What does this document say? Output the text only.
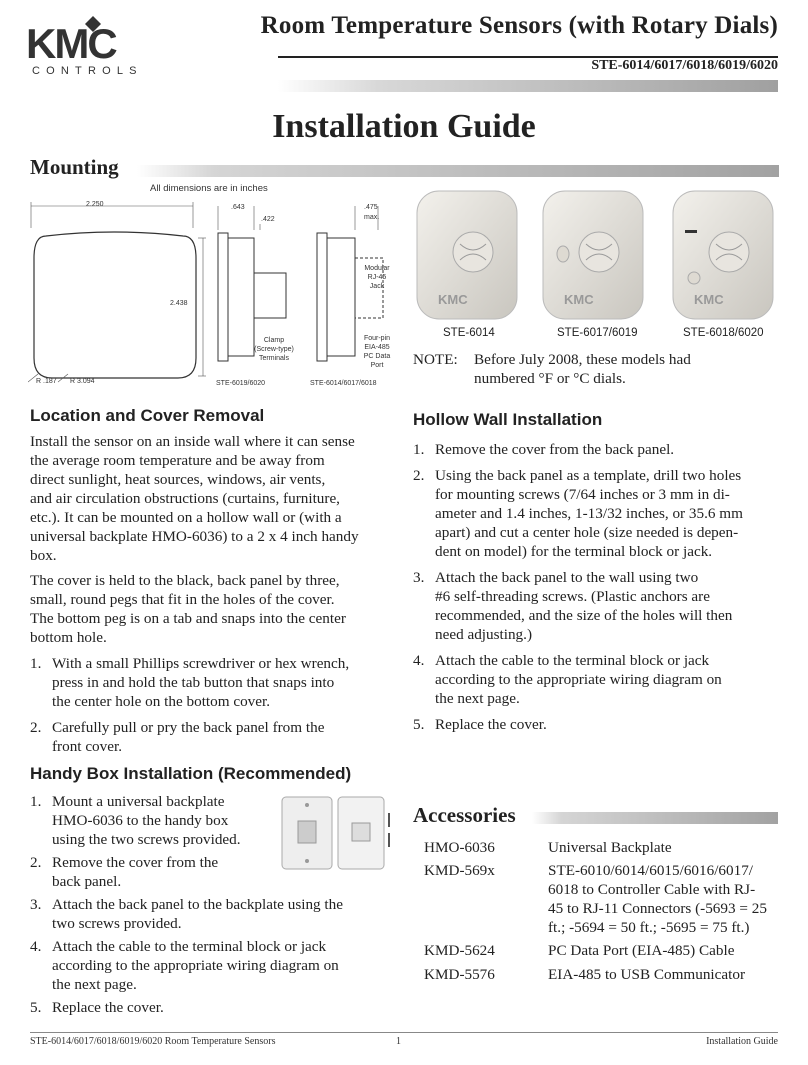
KMC
CONTROLS
Room Temperature Sensors (with Rotary Dials)
STE-6014/6017/6018/6019/6020
Installation Guide
Mounting
All dimensions are in inches
2.250
2.438
R .187 R 3.094
.643
.422
.475
max.
Clamp
(Screw-type)
Terminals
STE-6019/6020
Modular
RJ-45
Jack
Four-pin
EIA-485
PC Data
Port
STE-6014/6017/6018
KMC	KMC	KMC
STE-6014	STE-6017/6019	STE-6018/6020
NOTE: Before July 2008, these models had
numbered °F or °C dials.
Location and Cover Removal
Install the sensor on an inside wall where it can sense
the average room temperature and be away from
direct sunlight, heat sources, windows, air vents,
and air circulation obstructions (curtains, furniture,
etc.). It can be mounted on a hollow wall or (with a
universal backplate HMO-6036) to a 2 x 4 inch handy
box.
The cover is held to the black, back panel by three,
small, round pegs that fit in the holes of the cover.
The bottom peg is on a tab and snaps into the center
bottom hole.
1. With a small Phillips screwdriver or hex wrench,
press in and hold the tab button that snaps into
the center hole on the bottom cover.
2. Carefully pull or pry the back panel from the
front cover.
Handy Box Installation (Recommended)
1. Mount a universal backplate
HMO-6036 to the handy box
using the two screws provided.
2. Remove the cover from the
back panel.
3. Attach the back panel to the backplate using the
two screws provided.
4. Attach the cable to the terminal block or jack
according to the appropriate wiring diagram on
the next page.
5. Replace the cover.
Hollow Wall Installation
1. Remove the cover from the back panel.
2. Using the back panel as a template, drill two holes
for mounting screws (7/64 inches or 3 mm in di-
ameter and 1.4 inches, 1-13/32 inches, or 35.6 mm
apart) and cut a center hole (size needed is depen-
dent on model) for the terminal block or jack.
3. Attach the back panel to the wall using two
#6 self-threading screws. (Plastic anchors are
recommended, and the size of the holes will then
need adjusting.)
4. Attach the cable to the terminal block or jack
according to the appropriate wiring diagram on
the next page.
5. Replace the cover.
Accessories
HMO-6036	Universal Backplate
KMD-569x	STE-6010/6014/6015/6016/6017/
6018 to Controller Cable with RJ-
45 to RJ-11 Connectors (-5693 = 25
ft.; -5694 = 50 ft.; -5695 = 75 ft.)
KMD-5624	PC Data Port (EIA-485) Cable
KMD-5576	EIA-485 to USB Communicator
STE-6014/6017/6018/6019/6020 Room Temperature Sensors	1	Installation Guide
